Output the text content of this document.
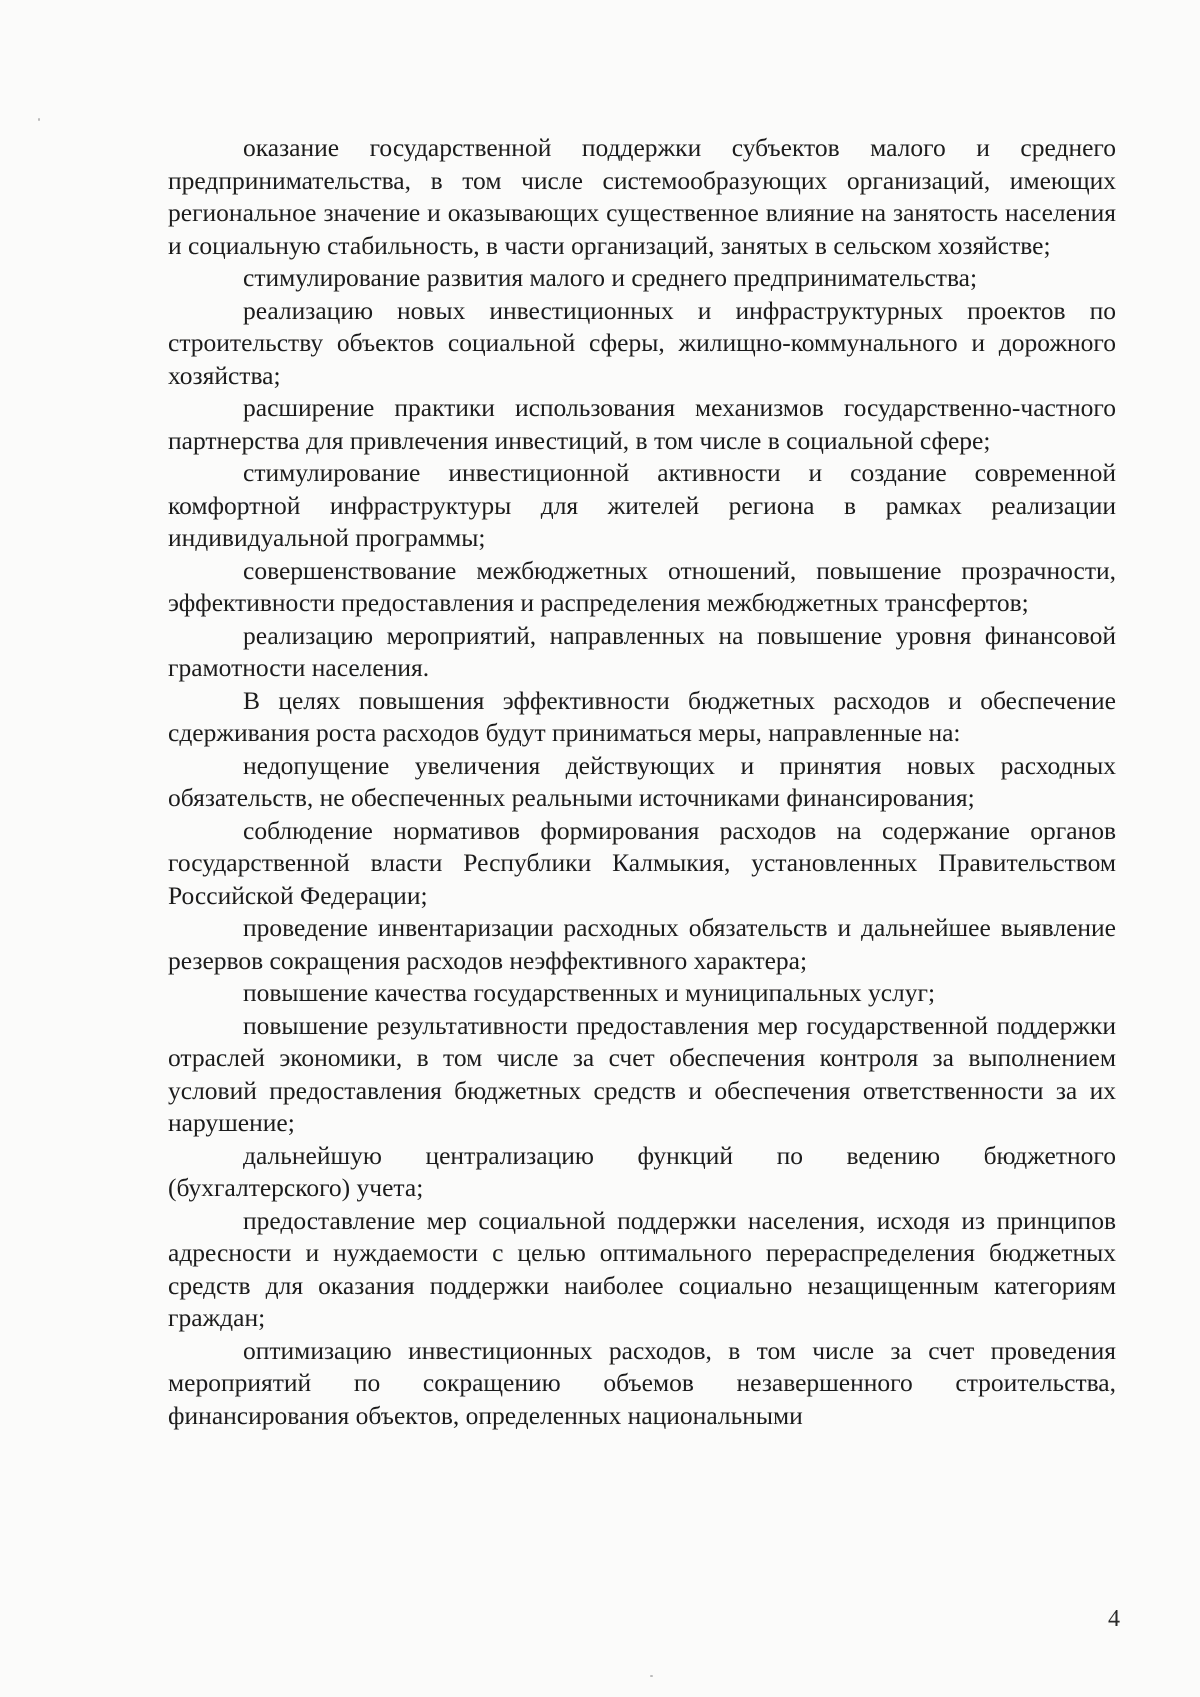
оказание государственной поддержки субъектов малого и среднего предпринимательства, в том числе системообразующих организаций, имеющих региональное значение и оказывающих существенное влияние на занятость населения и социальную стабильность, в части организаций, занятых в сельском хозяйстве;

стимулирование развития малого и среднего предпринимательства;

реализацию новых инвестиционных и инфраструктурных проектов по строительству объектов социальной сферы, жилищно-коммунального и дорожного хозяйства;

расширение практики использования механизмов государственно-частного партнерства для привлечения инвестиций, в том числе в социальной сфере;

стимулирование инвестиционной активности и создание современной комфортной инфраструктуры для жителей региона в рамках реализации индивидуальной программы;

совершенствование межбюджетных отношений, повышение прозрачности, эффективности предоставления и распределения межбюджетных трансфертов;

реализацию мероприятий, направленных на повышение уровня финансовой грамотности населения.

В целях повышения эффективности бюджетных расходов и обеспечение сдерживания роста расходов будут приниматься меры, направленные на:

недопущение увеличения действующих и принятия новых расходных обязательств, не обеспеченных реальными источниками финансирования;

соблюдение нормативов формирования расходов на содержание органов государственной власти Республики Калмыкия, установленных Правительством Российской Федерации;

проведение инвентаризации расходных обязательств и дальнейшее выявление резервов сокращения расходов неэффективного характера;

повышение качества государственных и муниципальных услуг;

повышение результативности предоставления мер государственной поддержки отраслей экономики, в том числе за счет обеспечения контроля за выполнением условий предоставления бюджетных средств и обеспечения ответственности за их нарушение;

дальнейшую централизацию функций по ведению бюджетного (бухгалтерского) учета;

предоставление мер социальной поддержки населения, исходя из принципов адресности и нуждаемости с целью оптимального перераспределения бюджетных средств для оказания поддержки наиболее социально незащищенным категориям граждан;

оптимизацию инвестиционных расходов, в том числе за счет проведения мероприятий по сокращению объемов незавершенного строительства, финансирования объектов, определенных национальными

4
